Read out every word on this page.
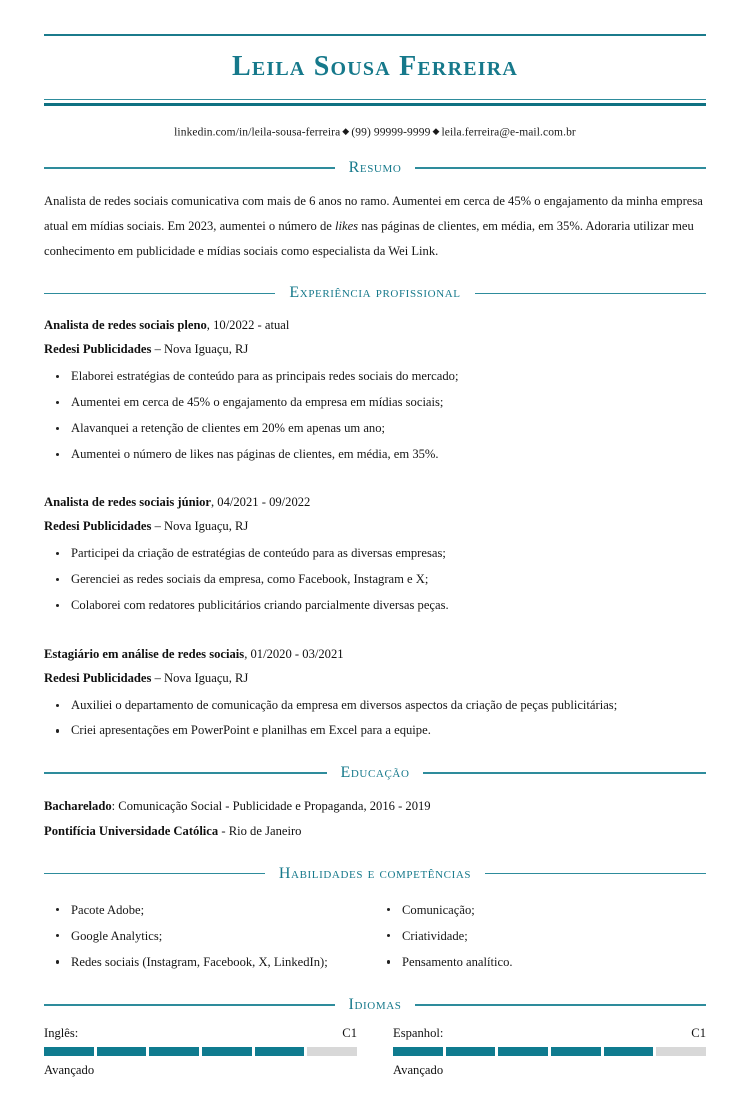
Leila Sousa Ferreira
linkedin.com/in/leila-sousa-ferreira ◆ (99) 99999-9999 ◆ leila.ferreira@e-mail.com.br
Resumo
Analista de redes sociais comunicativa com mais de 6 anos no ramo. Aumentei em cerca de 45% o engajamento da minha empresa atual em mídias sociais. Em 2023, aumentei o número de likes nas páginas de clientes, em média, em 35%. Adoraria utilizar meu conhecimento em publicidade e mídias sociais como especialista da Wei Link.
Experiência profissional
Analista de redes sociais pleno, 10/2022 - atual
Redesi Publicidades – Nova Iguaçu, RJ
Elaborei estratégias de conteúdo para as principais redes sociais do mercado;
Aumentei em cerca de 45% o engajamento da empresa em mídias sociais;
Alavanquei a retenção de clientes em 20% em apenas um ano;
Aumentei o número de likes nas páginas de clientes, em média, em 35%.
Analista de redes sociais júnior, 04/2021 - 09/2022
Redesi Publicidades – Nova Iguaçu, RJ
Participei da criação de estratégias de conteúdo para as diversas empresas;
Gerenciei as redes sociais da empresa, como Facebook, Instagram e X;
Colaborei com redatores publicitários criando parcialmente diversas peças.
Estagiário em análise de redes sociais, 01/2020 - 03/2021
Redesi Publicidades – Nova Iguaçu, RJ
Auxiliei o departamento de comunicação da empresa em diversos aspectos da criação de peças publicitárias;
Criei apresentações em PowerPoint e planilhas em Excel para a equipe.
Educação
Bacharelado: Comunicação Social - Publicidade e Propaganda, 2016 - 2019
Pontifícia Universidade Católica - Rio de Janeiro
Habilidades e competências
Pacote Adobe;
Google Analytics;
Redes sociais (Instagram, Facebook, X, LinkedIn);
Comunicação;
Criatividade;
Pensamento analítico.
Idiomas
Inglês:	C1
Avançado
Espanhol:	C1
Avançado
